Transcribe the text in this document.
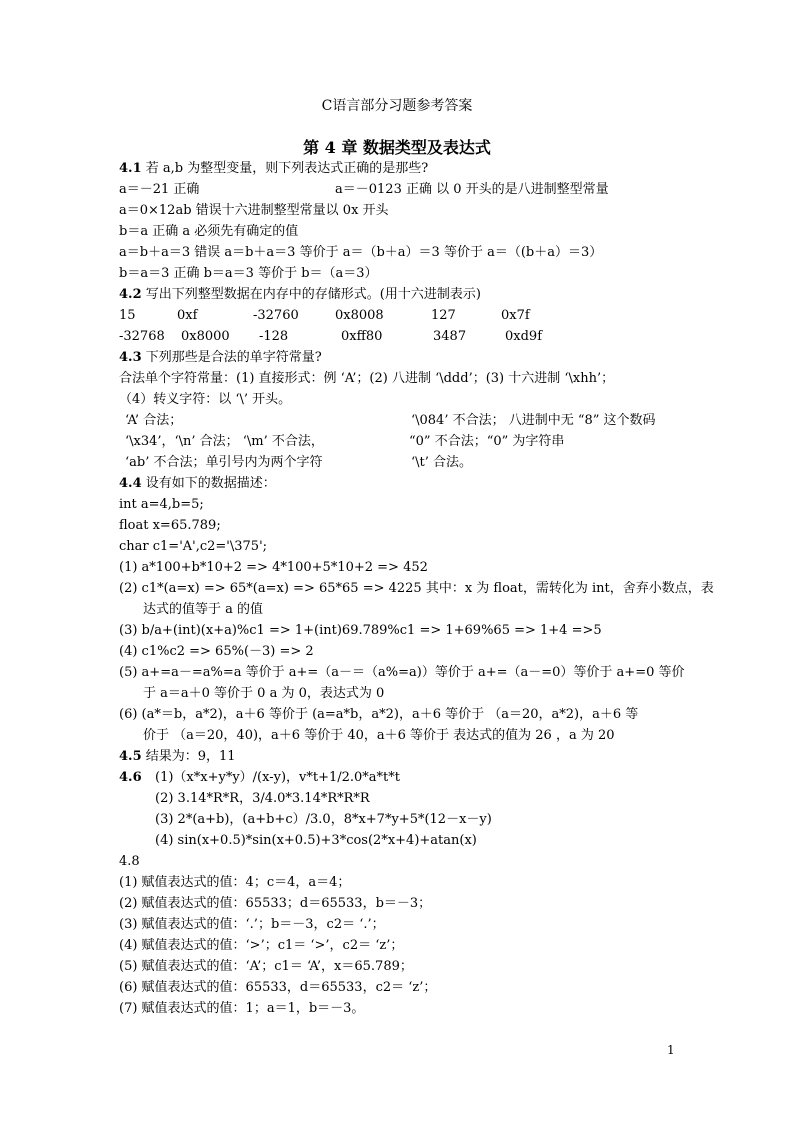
C语言部分习题参考答案
第 4 章 数据类型及表达式
4.1 若 a,b 为整型变量，则下列表达式正确的是那些?
a＝－21 正确	a＝－0123 正确 以 0 开头的是八进制整型常量
a＝0×12ab 错误十六进制整型常量以 0x 开头
b＝a 正确 a 必须先有确定的值
a＝b＋a＝3 错误 a＝b＋a＝3 等价于 a＝（b＋a）＝3 等价于 a＝（(b＋a）＝3）
b＝a＝3 正确 b＝a＝3 等价于 b＝（a＝3）
4.2 写出下列整型数据在内存中的存储形式。(用十六进制表示)
15	0xf	-32760	0x8008	127	0x7f
-32768 0x8000 -128	0xff80	3487	0xd9f
4.3 下列那些是合法的单字符常量?
合法单个字符常量：(1) 直接形式：例 ‘A’；(2) 八进制 ‘\ddd’；(3) 十六进制 ‘\xhh’；
（4）转义字符：以 ‘\’ 开头。
‘A’ 合法；	‘\084’ 不合法； 八进制中无 “8” 这个数码
‘\x34’，‘\n’ 合法； ‘\m’ 不合法，	“0” 不合法；“0” 为字符串
‘ab’ 不合法；单引号内为两个字符	‘\t’ 合法。
4.4 设有如下的数据描述：
int a=4,b=5;
float x=65.789;
char c1='A',c2='\375';
(1) a*100+b*10+2 => 4*100+5*10+2 => 452
(2) c1*(a=x) => 65*(a=x) => 65*65 => 4225 其中：x 为 float，需转化为 int，舍弃小数点，表
达式的值等于 a 的值
(3) b/a+(int)(x+a)%c1 => 1+(int)69.789%c1 => 1+69%65 => 1+4 =>5
(4) c1%c2 => 65%(－3) => 2
(5) a+=a－=a%=a 等价于 a+=（a－＝（a%=a)）等价于 a+=（a－=0）等价于 a+=0 等价
于 a＝a＋0 等价于 0 a 为 0，表达式为 0
(6) (a*＝b，a*2)，a＋6 等价于 (a=a*b，a*2)，a＋6 等价于 （a＝20，a*2)，a＋6 等
价于 （a＝20，40)，a＋6 等价于 40，a＋6 等价于 表达式的值为 26 ，a 为 20
4.5 结果为：9，11
4.6 (1)（x*x+y*y）/(x-y)，v*t+1/2.0*a*t*t
(2) 3.14*R*R，3/4.0*3.14*R*R*R
(3) 2*(a+b)，(a+b+c）/3.0，8*x+7*y+5*(12－x－y)
(4) sin(x+0.5)*sin(x+0.5)+3*cos(2*x+4)+atan(x)
4.8
(1) 赋值表达式的值：4；c＝4，a＝4；
(2) 赋值表达式的值：65533；d＝65533，b＝－3；
(3) 赋值表达式的值：‘.’；b＝－3，c2＝ ‘.’；
(4) 赋值表达式的值：‘>’；c1＝ ‘>’，c2＝ ‘z’；
(5) 赋值表达式的值：‘A’；c1＝ ‘A’，x＝65.789；
(6) 赋值表达式的值：65533，d＝65533，c2＝ ‘z’；
(7) 赋值表达式的值：1；a＝1，b＝－3。
1
